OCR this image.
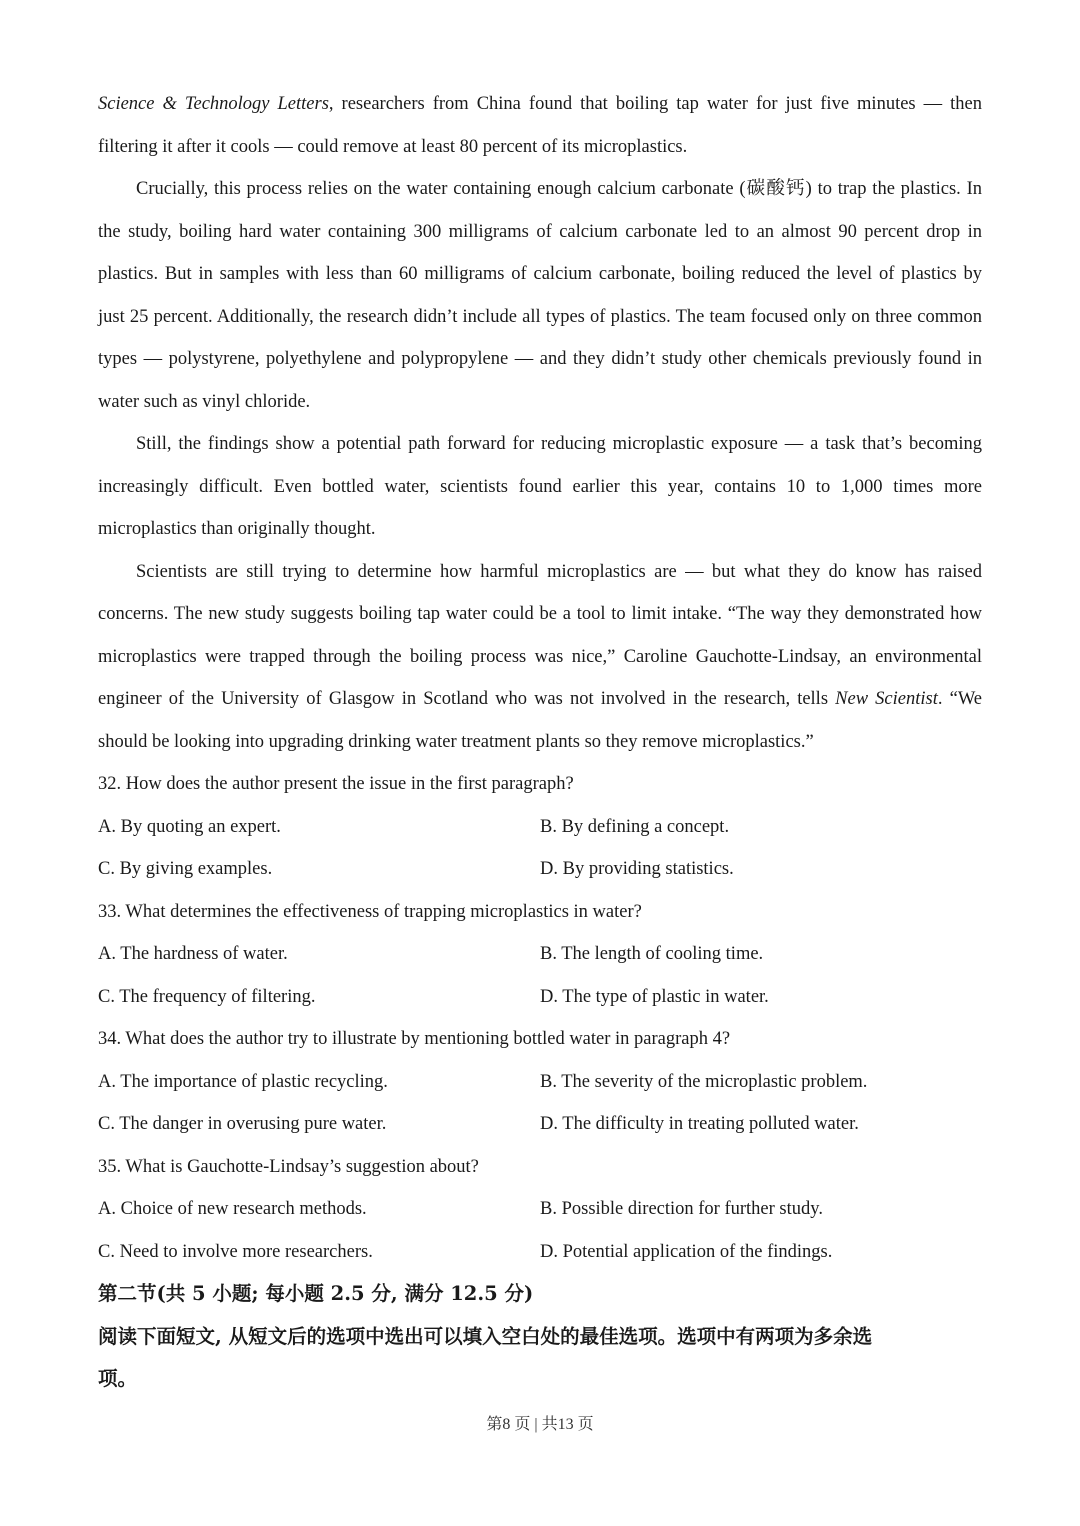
Science & Technology Letters, researchers from China found that boiling tap water for just five minutes — then
filtering it after it cools — could remove at least 80 percent of its microplastics.
Crucially, this process relies on the water containing enough calcium carbonate (碳酸钙) to trap the plastics. In
the study, boiling hard water containing 300 milligrams of calcium carbonate led to an almost 90 percent drop in
plastics. But in samples with less than 60 milligrams of calcium carbonate, boiling reduced the level of plastics by
just 25 percent. Additionally, the research didn’t include all types of plastics. The team focused only on three common
types — polystyrene, polyethylene and polypropylene — and they didn’t study other chemicals previously found in
water such as vinyl chloride.
Still, the findings show a potential path forward for reducing microplastic exposure — a task that’s becoming
increasingly difficult. Even bottled water, scientists found earlier this year, contains 10 to 1,000 times more
microplastics than originally thought.
Scientists are still trying to determine how harmful microplastics are — but what they do know has raised
concerns. The new study suggests boiling tap water could be a tool to limit intake. “The way they demonstrated how
microplastics were trapped through the boiling process was nice,” Caroline Gauchotte-Lindsay, an environmental
engineer of the University of Glasgow in Scotland who was not involved in the research, tells New Scientist. “We
should be looking into upgrading drinking water treatment plants so they remove microplastics.”
32. How does the author present the issue in the first paragraph?
A. By quoting an expert.	B. By defining a concept.
C. By giving examples.	D. By providing statistics.
33. What determines the effectiveness of trapping microplastics in water?
A. The hardness of water.	B. The length of cooling time.
C. The frequency of filtering.	D. The type of plastic in water.
34. What does the author try to illustrate by mentioning bottled water in paragraph 4?
A. The importance of plastic recycling.	B. The severity of the microplastic problem.
C. The danger in overusing pure water.	D. The difficulty in treating polluted water.
35. What is Gauchotte-Lindsay’s suggestion about?
A. Choice of new research methods.	B. Possible direction for further study.
C. Need to involve more researchers.	D. Potential application of the findings.
第二节(共 5 小题; 每小题 2.5 分, 满分 12.5 分)
阅读下面短文, 从短文后的选项中选出可以填入空白处的最佳选项。选项中有两项为多余选
项。
第8 页 | 共13 页
